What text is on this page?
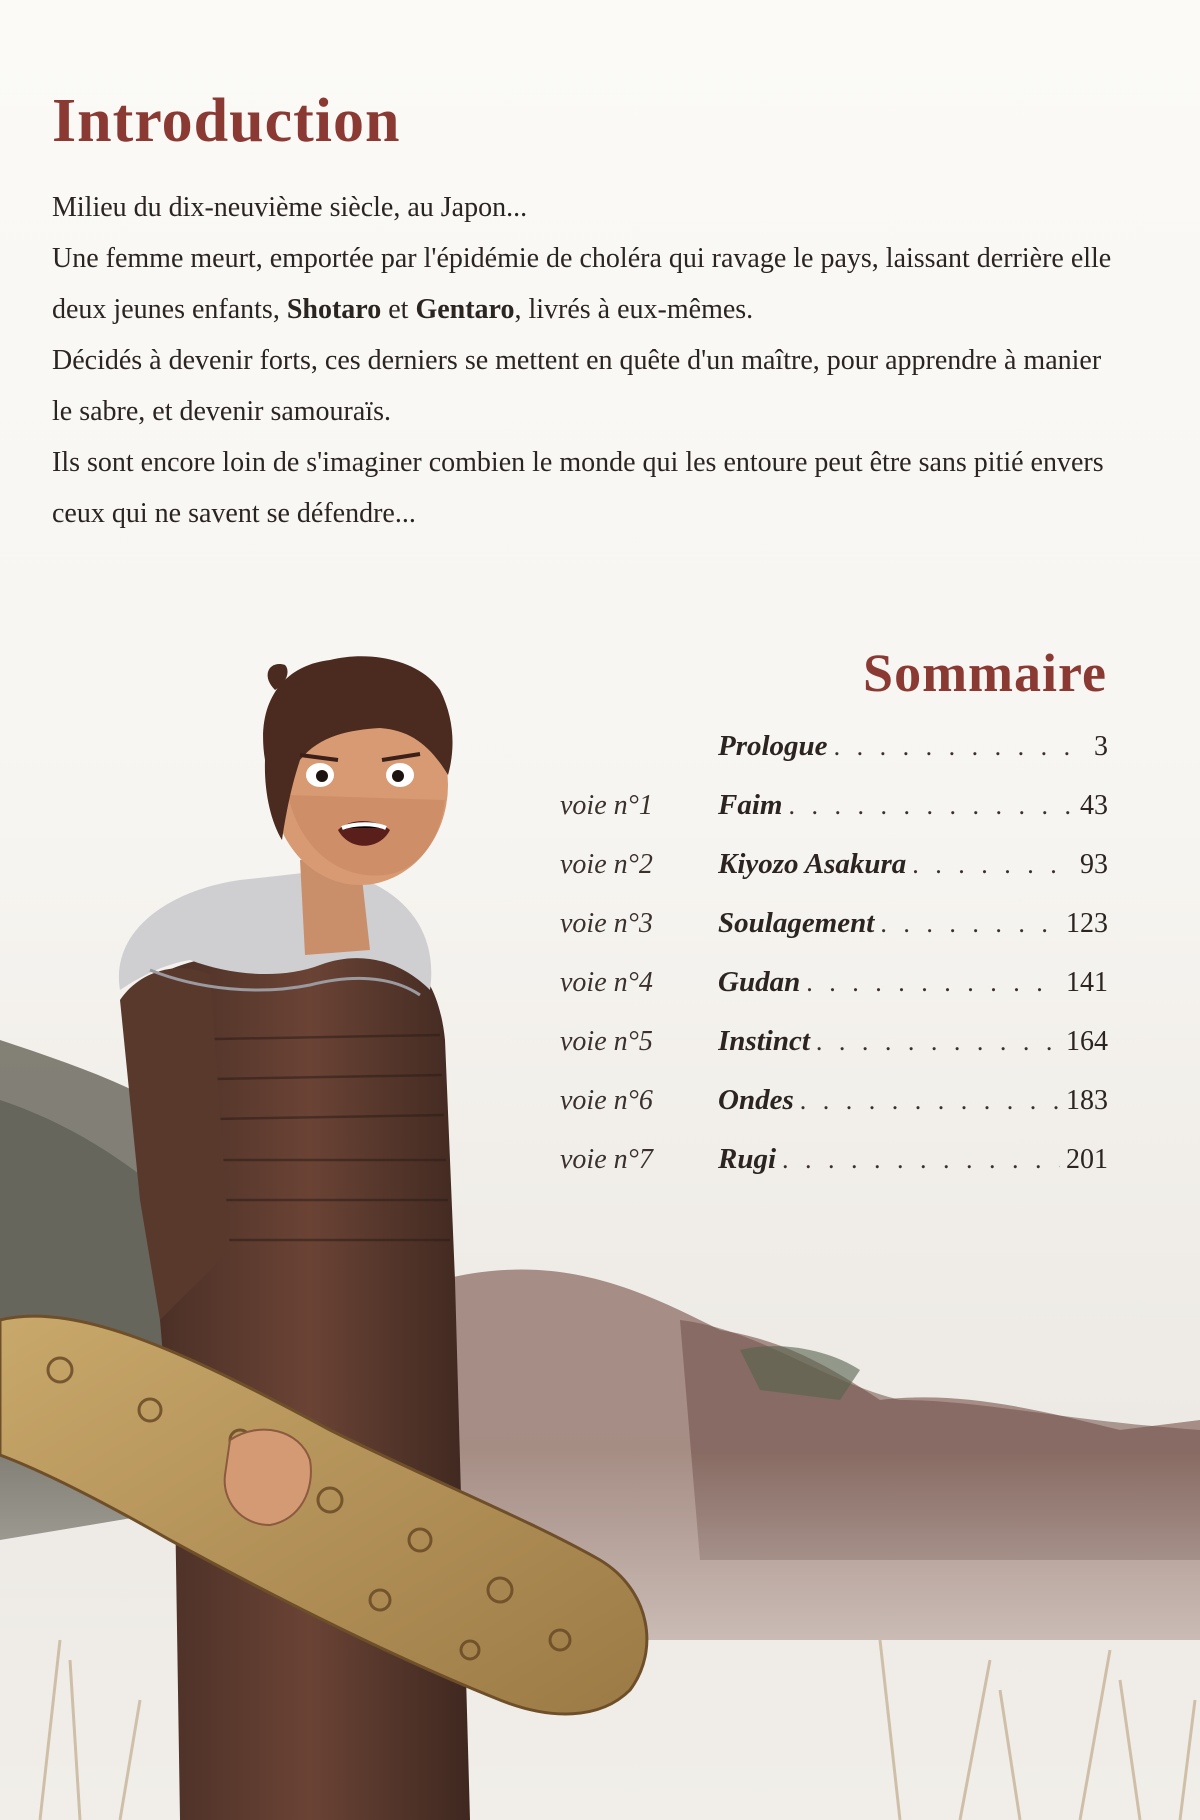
Introduction

Milieu du dix-neuvième siècle, au Japon...

Une femme meurt, emportée par l'épidémie de choléra qui ravage le pays, laissant derrière elle deux jeunes enfants, Shotaro et Gentaro, livrés à eux-mêmes.

Décidés à devenir forts, ces derniers se mettent en quête d'un maître, pour apprendre à manier le sabre, et devenir samouraïs.

Ils sont encore loin de s'imaginer combien le monde qui les entoure peut être sans pitié envers ceux qui ne savent se défendre...

Sommaire
Prologue . . .	3
voie n°1	Faim . . .	43
voie n°2	Kiyozo Asakura . . .	93
voie n°3	Soulagement . . .	123
voie n°4	Gudan . . .	141
voie n°5	Instinct . . .	164
voie n°6	Ondes . . .	183
voie n°7	Rugi . . .	201
